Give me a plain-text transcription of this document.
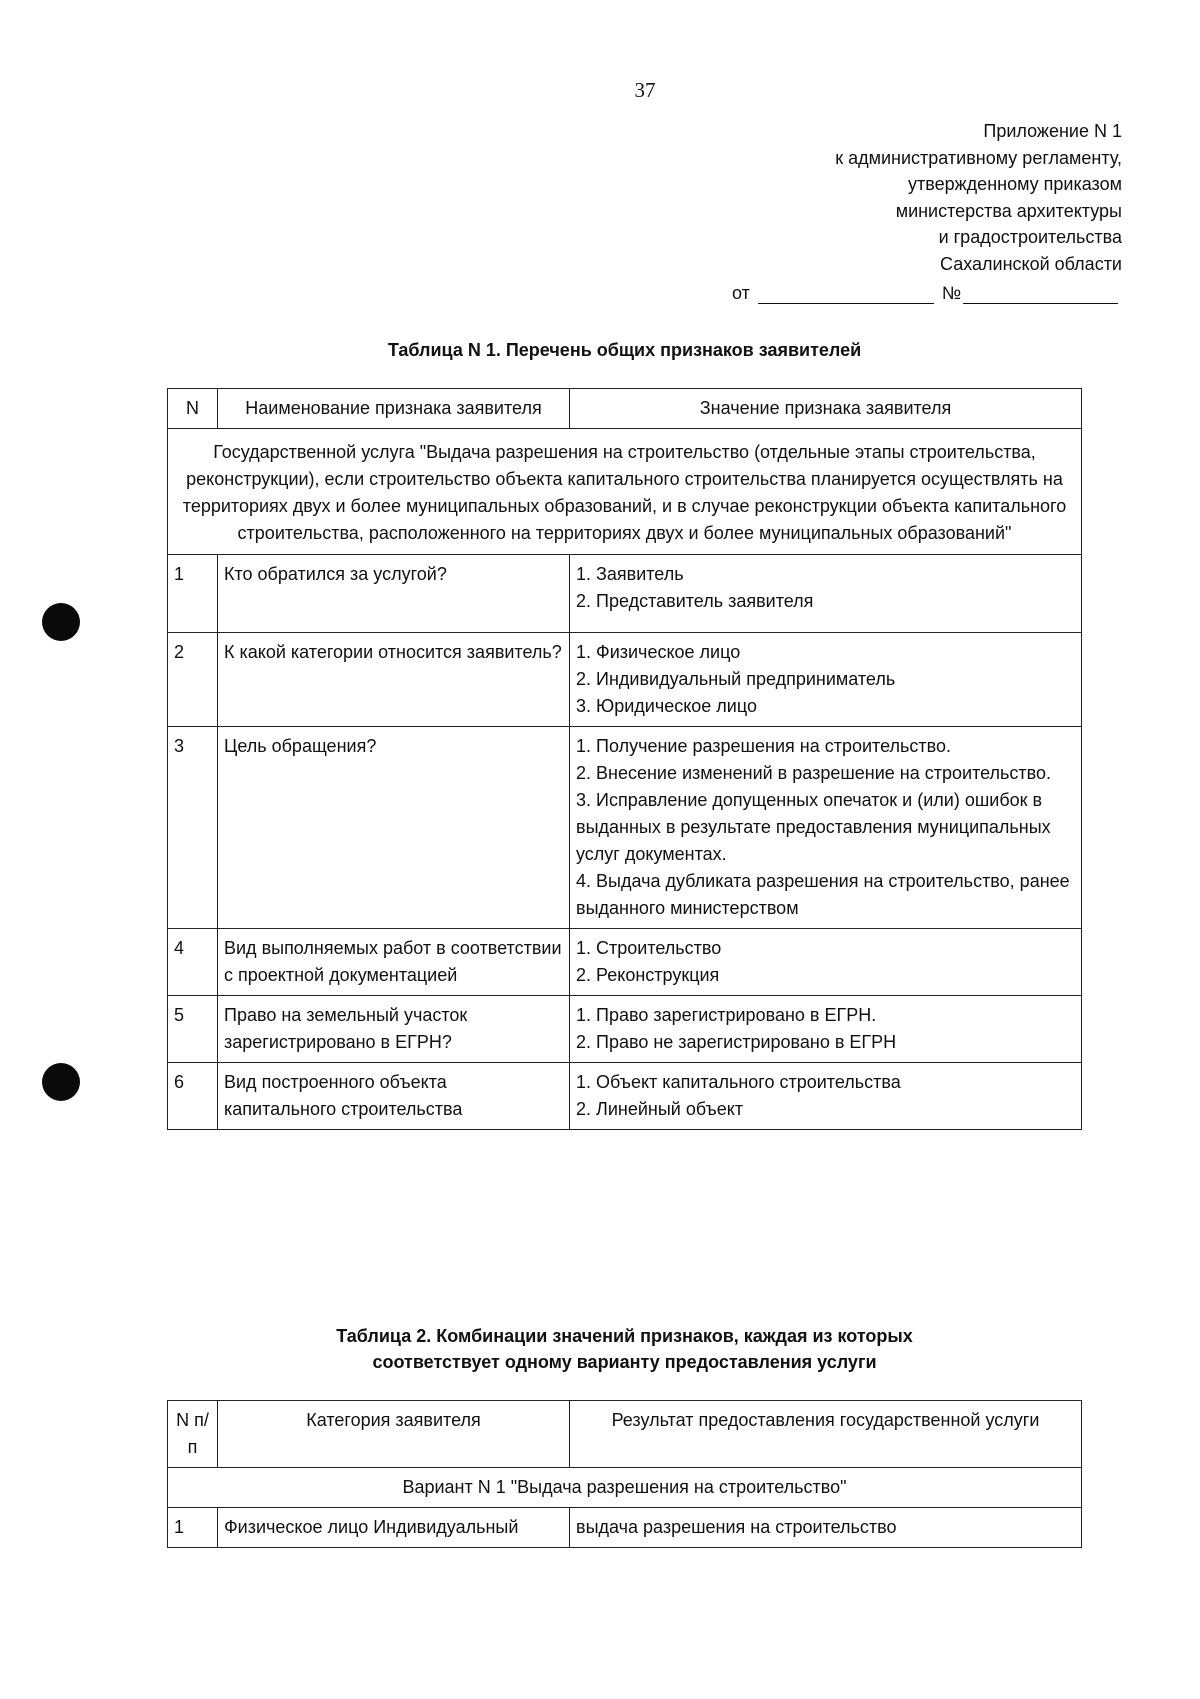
37
Приложение N 1
к административному регламенту,
утвержденному приказом
министерства архитектуры
и градостроительства
Сахалинской области
от	№
Таблица N 1. Перечень общих признаков заявителей
N	Наименование признака заявителя	Значение признака заявителя
Государственной услуга "Выдача разрешения на строительство (отдельные этапы строительства, реконструкции), если строительство объекта капитального строительства планируется осуществлять на территориях двух и более муниципальных образований, и в случае реконструкции объекта капитального строительства, расположенного на территориях двух и более муниципальных образований"		
1	Кто обратился за услугой?	1. Заявитель
2. Представитель заявителя

2	К какой категории относится заявитель?	1. Физическое лицо
2. Индивидуальный предприниматель
3. Юридическое лицо

3	Цель обращения?	1. Получение разрешения на строительство.
2. Внесение изменений в разрешение на строительство.
3. Исправление допущенных опечаток и (или) ошибок в выданных в результате предоставления муниципальных услуг документах.
4. Выдача дубликата разрешения на строительство, ранее выданного министерством

4	Вид выполняемых работ в соответствии с проектной документацией	1. Строительство
2. Реконструкция

5	Право на земельный участок зарегистрировано в ЕГРН?	1. Право зарегистрировано в ЕГРН.
2. Право не зарегистрировано в ЕГРН

6	Вид построенного объекта капитального строительства	1. Объект капитального строительства
2. Линейный объект
Таблица 2. Комбинации значений признаков, каждая из которых
соответствует одному варианту предоставления услуги
N п/п	Категория заявителя	Результат предоставления государственной услуги
Вариант N 1 "Выдача разрешения на строительство"		
1	Физическое лицо Индивидуальный	выдача разрешения на строительство
